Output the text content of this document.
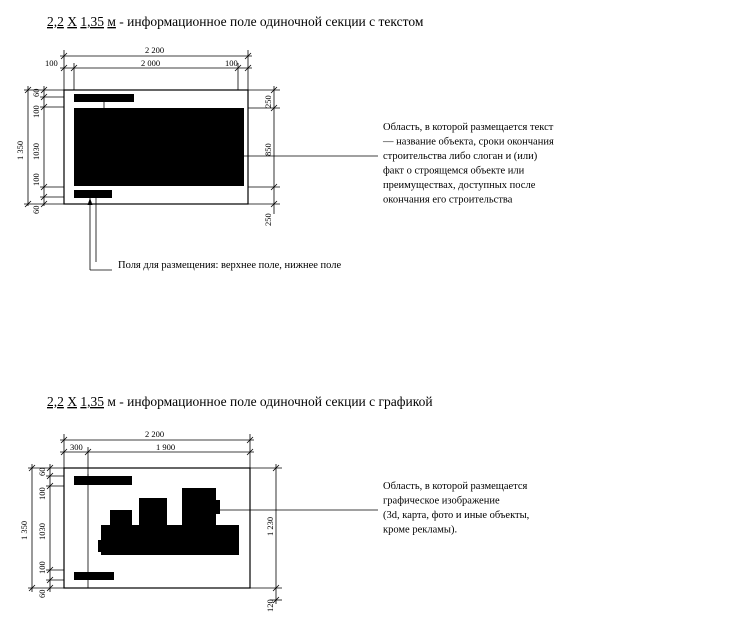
2,2 X 1,35 м - информационное поле одиночной секции с текстом
2 200
2 000
100	100
1 350
60
100
1030
100
60
250
850
250
Область, в которой размещается текст — название объекта, сроки окончания строительства либо слоган и (или) факт о строящемся объекте или преимуществах, доступных после окончания его строительства
Поля для размещения: верхнее поле, нижнее поле
2,2 X 1,35 м - информационное поле одиночной секции с графикой
2 200
300	1 900
1 350
60
100
1030
100
60
1 230
120
Область, в которой размещается графическое изображение (3d, карта, фото и иные объекты, кроме рекламы).
